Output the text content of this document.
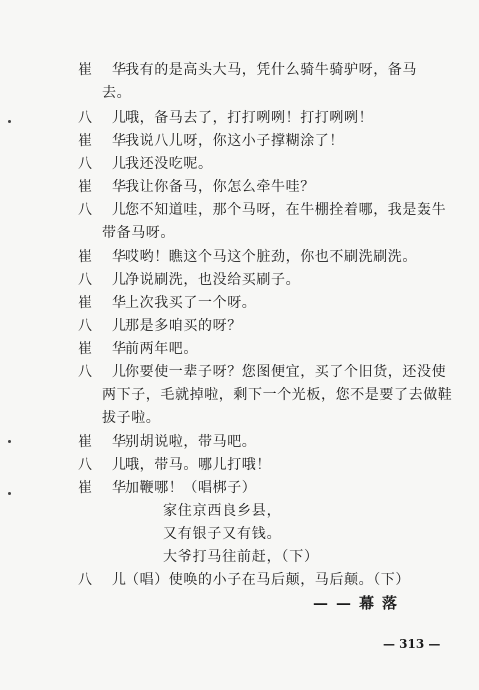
崔 华 我有的是高头大马，凭什么骑牛骑驴呀，备马
去。
八 儿 哦，备马去了，打打咧咧！打打咧咧！
崔 华 我说八儿呀，你这小子撑糊涂了！
八 儿 我还没吃呢。
崔 华 我让你备马，你怎么牵牛哇？
八 儿 您不知道哇，那个马呀，在牛棚拴着哪，我是轰牛
带备马呀。
崔 华 哎哟！瞧这个马这个脏劲，你也不刷洗刷洗。
八 儿 净说刷洗，也没给买刷子。
崔 华 上次我买了一个呀。
八 儿 那是多咱买的呀？
崔 华 前两年吧。
八 儿 你要使一辈子呀？您图便宜，买了个旧货，还没使
两下子，毛就掉啦，剩下一个光板，您不是要了去做鞋
拔子啦。
崔 华 别胡说啦，带马吧。
八 儿 哦，带马。哪儿打哦！
崔 华 加鞭哪！（唱梆子）
家住京西良乡县，
又有银子又有钱。
大爷打马往前赶，（下）
八 儿 （唱）使唤的小子在马后颠，马后颠。（下）
——幕落
— 313 —
